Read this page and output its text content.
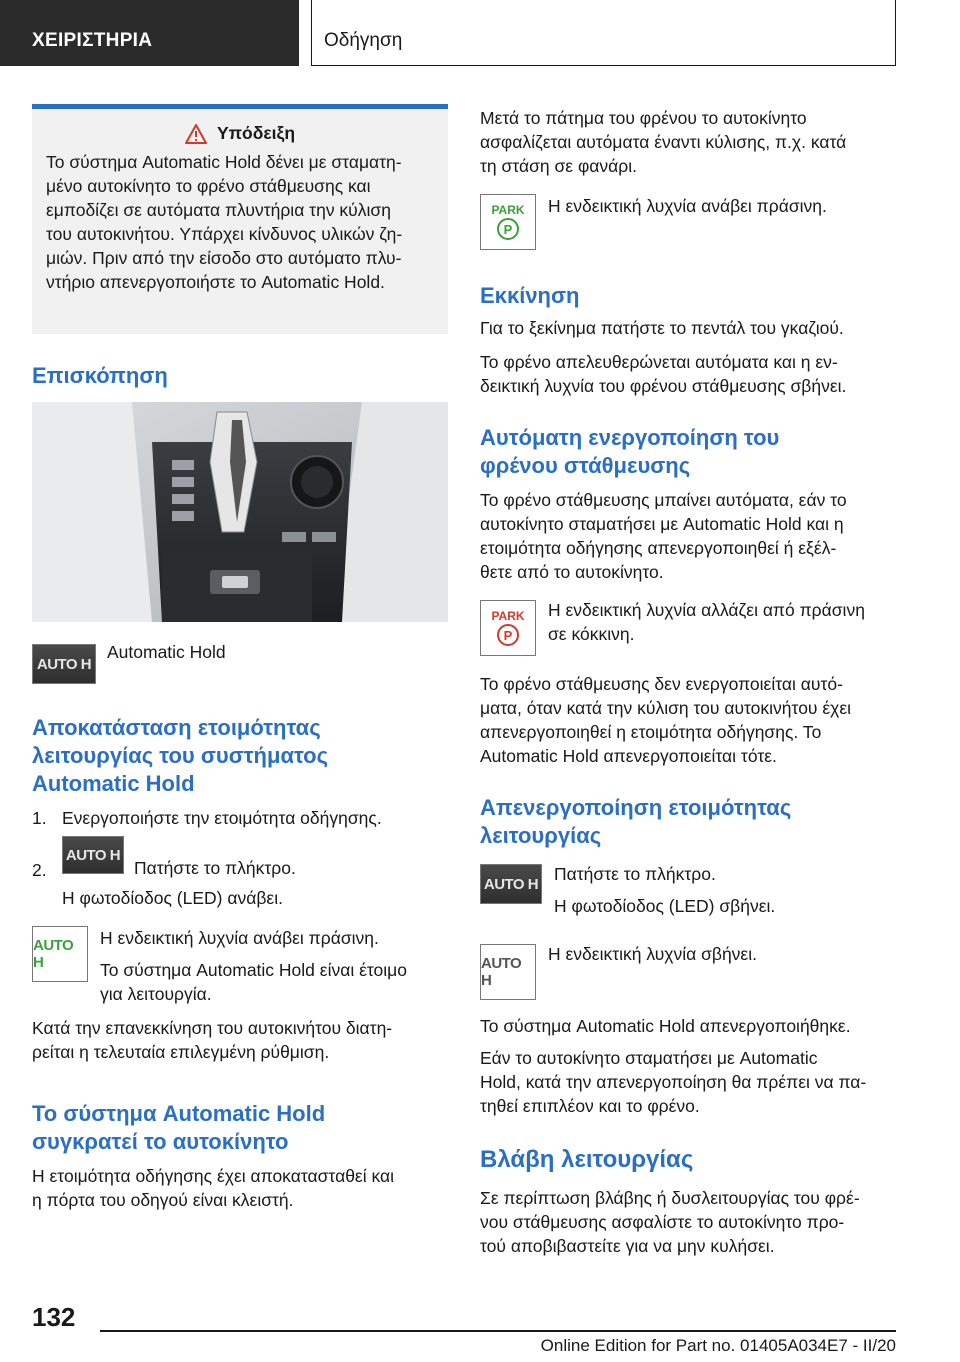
ΧΕΙΡΙΣΤΗΡΙΑ	Οδήγηση
Υπόδειξη

Το σύστημα Automatic Hold δένει με σταματη-

μένο αυτοκίνητο το φρένο στάθμευσης και

εμποδίζει σε αυτόματα πλυντήρια την κύλιση

του αυτοκινήτου. Υπάρχει κίνδυνος υλικών ζη-

μιών. Πριν από την είσοδο στο αυτόματο πλυ-

ντήριο απενεργοποιήστε το Automatic Hold.

Επισκόπηση
AUTO H

Automatic Hold

Αποκατάσταση ετοιμότητας
λειτουργίας του συστήματος
Automatic Hold

1. Ενεργοποιήστε την ετοιμότητα οδήγησης.

2.

AUTO H

Πατήστε το πλήκτρο.

Η φωτοδίοδος (LED) ανάβει.

AUTO H

Η ενδεικτική λυχνία ανάβει πράσινη.

Το σύστημα Automatic Hold είναι έτοιμο

για λειτουργία.

Κατά την επανεκκίνηση του αυτοκινήτου διατη-

ρείται η τελευταία επιλεγμένη ρύθμιση.

Το σύστημα Automatic Hold
συγκρατεί το αυτοκίνητο

Η ετοιμότητα οδήγησης έχει αποκατασταθεί και

η πόρτα του οδηγού είναι κλειστή.

Μετά το πάτημα του φρένου το αυτοκίνητο

ασφαλίζεται αυτόματα έναντι κύλισης, π.χ. κατά

τη στάση σε φανάρι.

PARK
P

Η ενδεικτική λυχνία ανάβει πράσινη.

Εκκίνηση

Για το ξεκίνημα πατήστε το πεντάλ του γκαζιού.

Το φρένο απελευθερώνεται αυτόματα και η εν-

δεικτική λυχνία του φρένου στάθμευσης σβήνει.

Αυτόματη ενεργοποίηση του
φρένου στάθμευσης

Το φρένο στάθμευσης μπαίνει αυτόματα, εάν το

αυτοκίνητο σταματήσει με Automatic Hold και η

ετοιμότητα οδήγησης απενεργοποιηθεί ή εξέλ-

θετε από το αυτοκίνητο.

PARK
P

Η ενδεικτική λυχνία αλλάζει από πράσινη

σε κόκκινη.

Το φρένο στάθμευσης δεν ενεργοποιείται αυτό-

ματα, όταν κατά την κύλιση του αυτοκινήτου έχει

απενεργοποιηθεί η ετοιμότητα οδήγησης. Το

Automatic Hold απενεργοποιείται τότε.

Απενεργοποίηση ετοιμότητας
λειτουργίας
AUTO H Πατήστε το πλήκτρο.

Η φωτοδίοδος (LED) σβήνει.

AUTO H

Η ενδεικτική λυχνία σβήνει.

Το σύστημα Automatic Hold απενεργοποιήθηκε.

Εάν το αυτοκίνητο σταματήσει με Automatic

Hold, κατά την απενεργοποίηση θα πρέπει να πα-

τηθεί επιπλέον και το φρένο.

Βλάβη λειτουργίας

Σε περίπτωση βλάβης ή δυσλειτουργίας του φρέ-

νου στάθμευσης ασφαλίστε το αυτοκίνητο προ-

τού αποβιβαστείτε για να μην κυλήσει.

132
Online Edition for Part no. 01405A034E7 - II/20
